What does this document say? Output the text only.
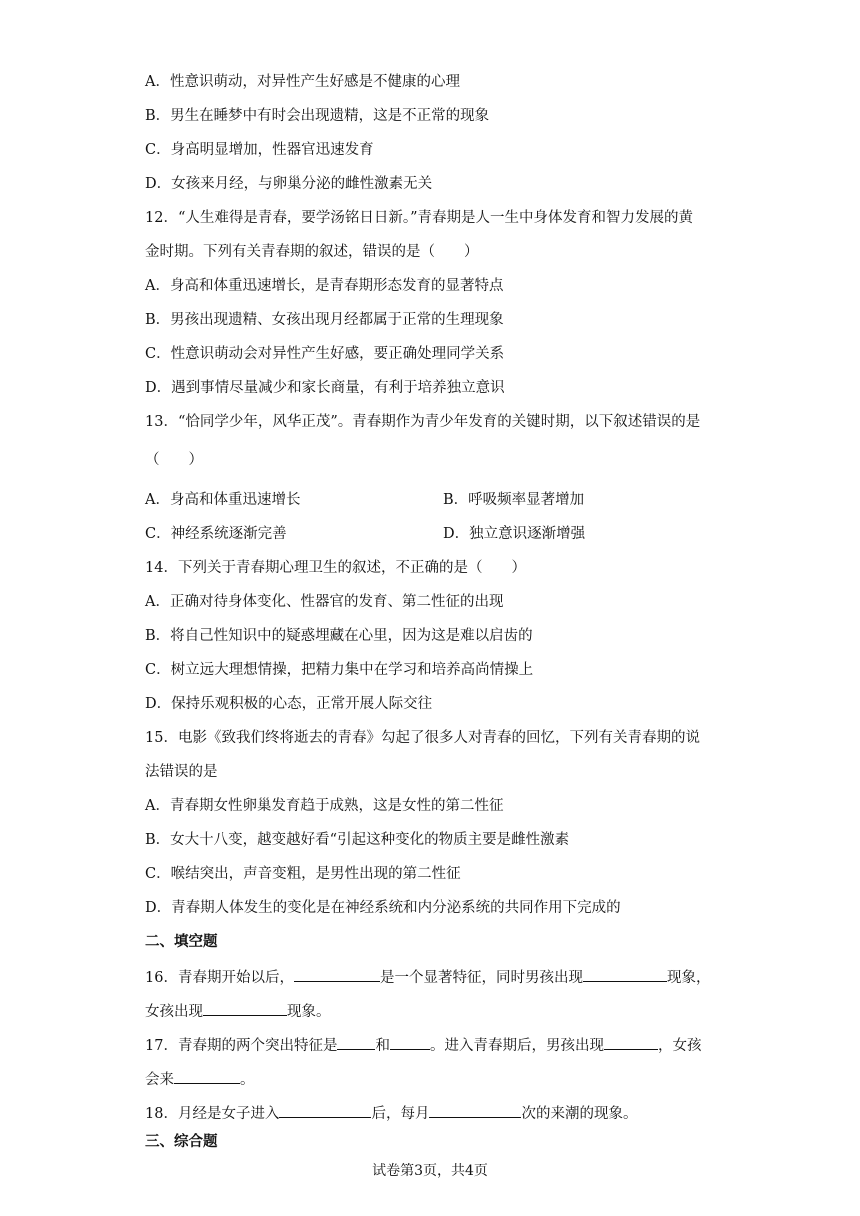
A．性意识萌动，对异性产生好感是不健康的心理
B．男生在睡梦中有时会出现遗精，这是不正常的现象
C．身高明显增加，性器官迅速发育
D．女孩来月经，与卵巢分泌的雌性激素无关
12．“人生难得是青春，要学汤铭日日新。”青春期是人一生中身体发育和智力发展的黄
金时期。下列有关青春期的叙述，错误的是（　　）
A．身高和体重迅速增长，是青春期形态发育的显著特点
B．男孩出现遗精、女孩出现月经都属于正常的生理现象
C．性意识萌动会对异性产生好感，要正确处理同学关系
D．遇到事情尽量减少和家长商量，有利于培养独立意识
13．“恰同学少年，风华正茂”。青春期作为青少年发育的关键时期，以下叙述错误的是
（　　）
A．身高和体重迅速增长	B．呼吸频率显著增加
C．神经系统逐渐完善	D．独立意识逐渐增强
14．下列关于青春期心理卫生的叙述，不正确的是（　　）
A．正确对待身体变化、性器官的发育、第二性征的出现
B．将自己性知识中的疑惑埋藏在心里，因为这是难以启齿的
C．树立远大理想情操，把精力集中在学习和培养高尚情操上
D．保持乐观积极的心态，正常开展人际交往
15．电影《致我们终将逝去的青春》勾起了很多人对青春的回忆，下列有关青春期的说
法错误的是
A．青春期女性卵巢发育趋于成熟，这是女性的第二性征
B．女大十八变，越变越好看“引起这种变化的物质主要是雌性激素
C．喉结突出，声音变粗，是男性出现的第二性征
D．青春期人体发生的变化是在神经系统和内分泌系统的共同作用下完成的
二、填空题
16．青春期开始以后，	是一个显著特征，同时男孩出现	现象，
女孩出现	现象。
17．青春期的两个突出特征是	和	。进入青春期后，男孩出现	，女孩
会来	。
18．月经是女子进入	后，每月	次的来潮的现象。
三、综合题
试卷第3页，共4页
